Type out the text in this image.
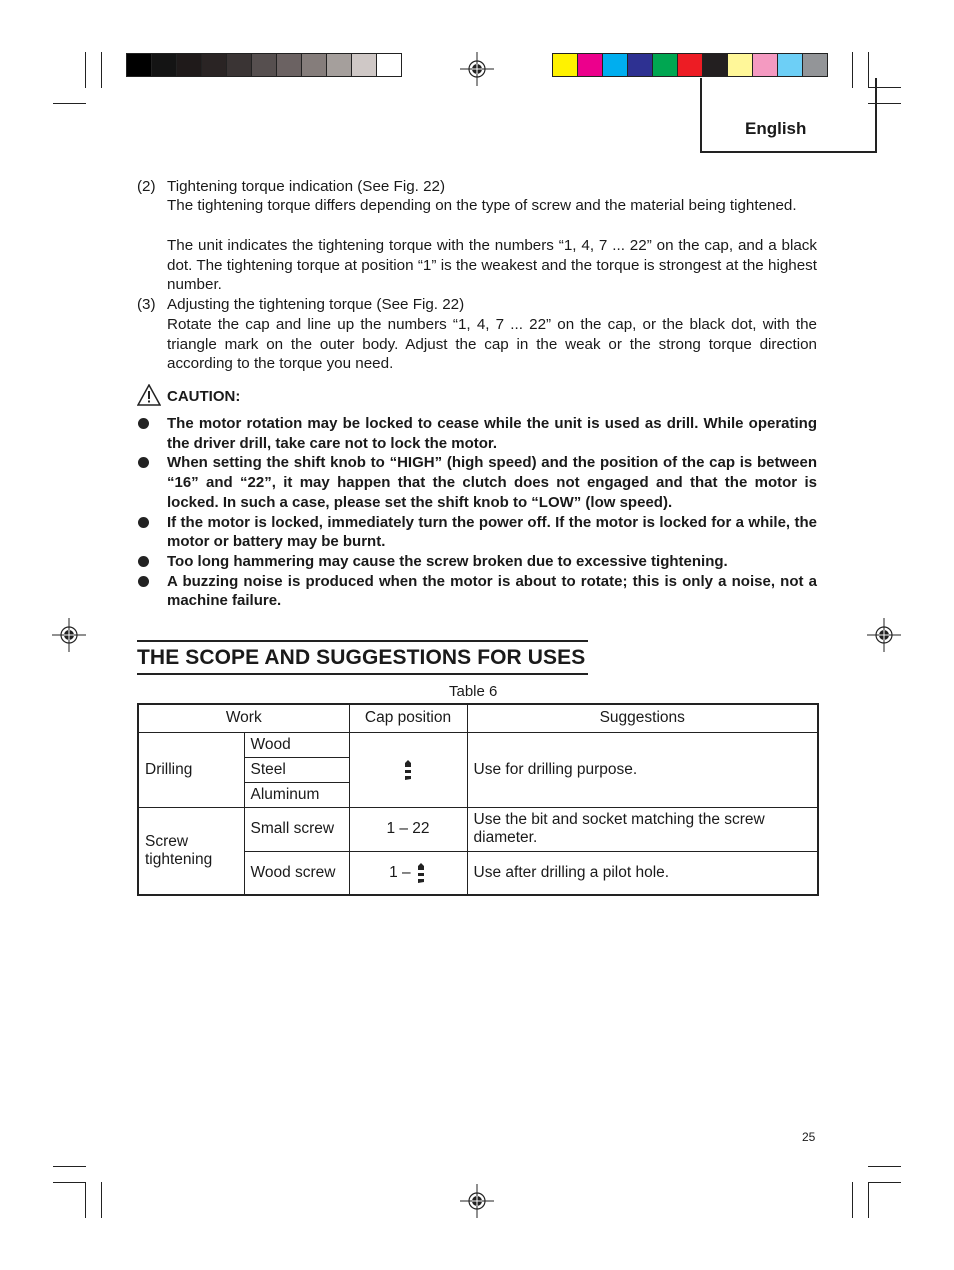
English
(2) Tightening torque indication (See Fig. 22)
The tightening torque differs depending on the type of screw and the material being tightened.
The unit indicates the tightening torque with the numbers “1, 4, 7 ... 22” on the cap, and a black dot. The tightening torque at position “1” is the weakest and the torque is strongest at the highest number.
(3) Adjusting the tightening torque (See Fig. 22)
Rotate the cap and line up the numbers “1, 4, 7 ... 22” on the cap, or the black dot, with the triangle mark on the outer body. Adjust the cap in the weak or the strong torque direction according to the torque you need.
CAUTION:
The motor rotation may be locked to cease while the unit is used as drill. While operating the driver drill, take care not to lock the motor.
When setting the shift knob to “HIGH” (high speed) and the position of the cap is between “16” and “22”, it may happen that the clutch does not engaged and that the motor is locked. In such a case, please set the shift knob to “LOW” (low speed).
If the motor is locked, immediately turn the power off. If the motor is locked for a while, the motor or battery may be burnt.
Too long hammering may cause the screw broken due to excessive tightening.
A buzzing noise is produced when the motor is about to rotate; this is only a noise, not a machine failure.
THE SCOPE AND SUGGESTIONS FOR USES
Table 6
Work		Cap position	Suggestions
Drilling	Wood		Use for drilling purpose.
	Steel		
	Aluminum		
Screw tightening	Small screw	1 – 22	Use the bit and socket matching the screw diameter.
	Wood screw	1 –	Use after drilling a pilot hole.
25
